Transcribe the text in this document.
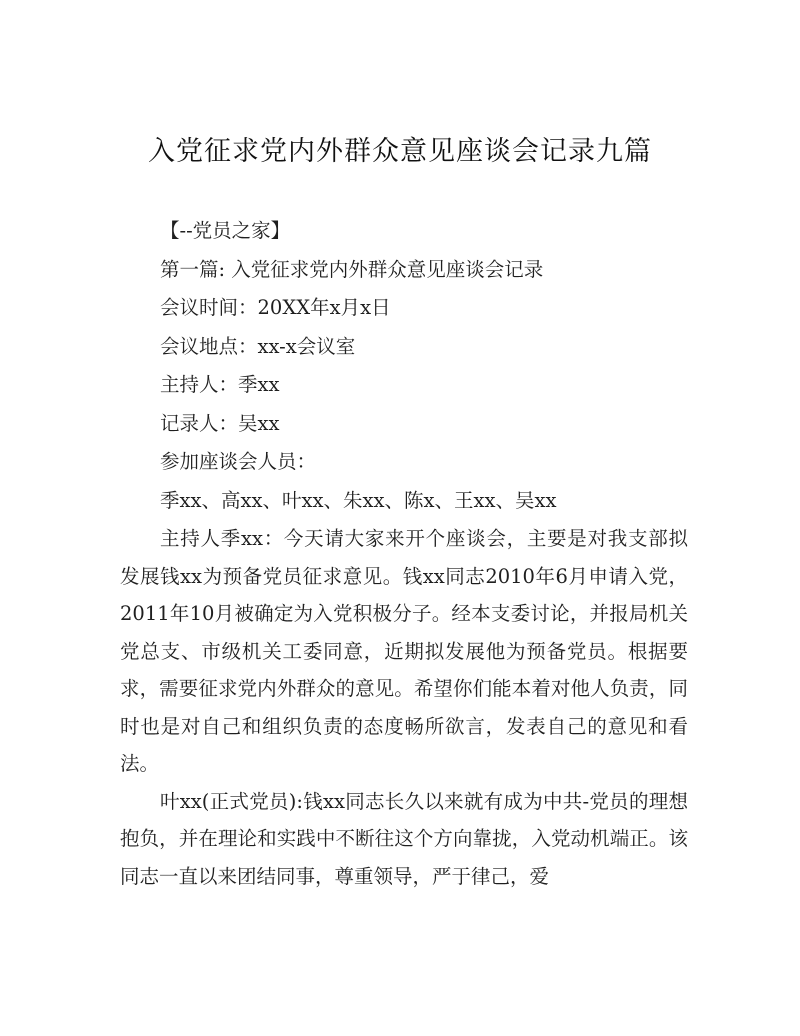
入党征求党内外群众意见座谈会记录九篇

【--党员之家】

第一篇: 入党征求党内外群众意见座谈会记录

会议时间：20XX年x月x日

会议地点：xx-x会议室

主持人：季xx

记录人：吴xx

参加座谈会人员：

季xx、高xx、叶xx、朱xx、陈x、王xx、吴xx

主持人季xx：今天请大家来开个座谈会，主要是对我支部拟发展钱xx为预备党员征求意见。钱xx同志2010年6月申请入党，2011年10月被确定为入党积极分子。经本支委讨论，并报局机关党总支、市级机关工委同意，近期拟发展他为预备党员。根据要求，需要征求党内外群众的意见。希望你们能本着对他人负责，同时也是对自己和组织负责的态度畅所欲言，发表自己的意见和看法。

叶xx(正式党员):钱xx同志长久以来就有成为中共-党员的理想抱负，并在理论和实践中不断往这个方向靠拢，入党动机端正。该同志一直以来团结同事，尊重领导，严于律己，爱
